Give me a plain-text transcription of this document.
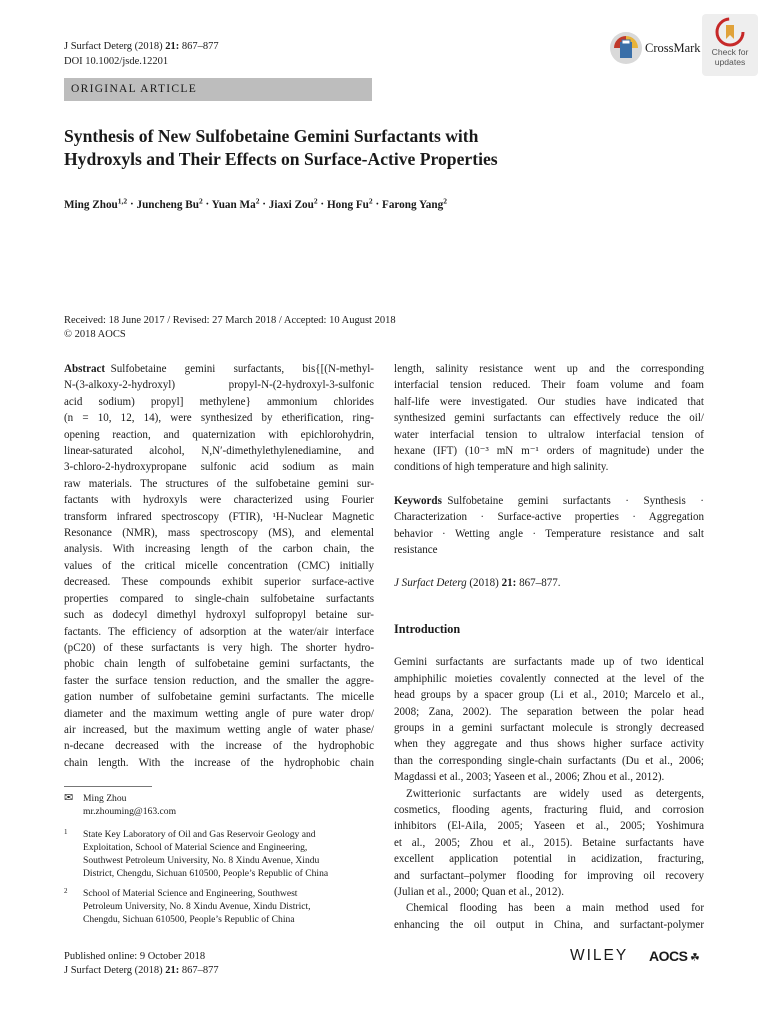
J Surfact Deterg (2018) 21: 867–877
DOI 10.1002/jsde.12201
CrossMark	Check for
updates
ORIGINAL ARTICLE
Synthesis of New Sulfobetaine Gemini Surfactants with
Hydroxyls and Their Effects on Surface-Active Properties
Ming Zhou$^{1,2}$ · Juncheng $Bu^2$ · Yuan $Ma^2$ · Jiaxi Zou$^2$ · Hong $Fu^2$ · Farong Yang$^2$
Received: 18 June 2017 / Revised: 27 March 2018 / Accepted: 10 August 2018
© 2018 AOCS
Abstract Sulfobetaine gemini surfactants, bis{[(N-methyl-
N-(3-alkoxy-2-hydroxyl) propyl-N-(2-hydroxyl-3-sulfonic
acid sodium) propyl] methylene} ammonium chlorides
(n = 10, 12, 14), were synthesized by etherification, ring-
opening reaction, and quaternization with epichlorohydrin,
linear-saturated alcohol, N,N′-dimethylethylenediamine, and
3-chloro-2-hydroxypropane sulfonic acid sodium as main
raw materials. The structures of the sulfobetaine gemini sur-
factants with hydroxyls were characterized using Fourier
transform infrared spectroscopy (FTIR), ¹H-Nuclear Magnetic
Resonance (NMR), mass spectroscopy (MS), and elemental
analysis. With increasing length of the carbon chain, the
values of the critical micelle concentration (CMC) initially
decreased. These compounds exhibit superior surface-active
properties compared to single-chain sulfobetaine surfactants
such as dodecyl dimethyl hydroxyl sulfopropyl betaine sur-
factants. The efficiency of adsorption at the water/air interface
(pC20) of these surfactants is very high. The shorter hydro-
phobic chain length of sulfobetaine gemini surfactants, the
faster the surface tension reduction, and the smaller the aggre-
gation number of sulfobetaine gemini surfactants. The micelle
diameter and the maximum wetting angle of pure water drop/
air increased, but the maximum wetting angle of water phase/
n-decane decreased with the increase of the hydrophobic
chain length. With the increase of the hydrophobic chain
length, salinity resistance went up and the corresponding
interfacial tension reduced. Their foam volume and foam
half-life were investigated. Our studies have indicated that
synthesized gemini surfactants can effectively reduce the oil/
water interfacial tension to ultralow interfacial tension of
hexane (IFT) (10⁻³ mN m⁻¹ orders of magnitude) under the
conditions of high temperature and high salinity.
Keywords Sulfobetaine gemini surfactants · Synthesis ·
Characterization · Surface-active properties · Aggregation
behavior · Wetting angle · Temperature resistance and salt
resistance
J Surfact Deterg (2018) 21: 867–877.
Introduction
Gemini surfactants are surfactants made up of two identical
amphiphilic moieties covalently connected at the level of the
head groups by a spacer group (Li et al., 2010; Marcelo et al.,
2008; Zana, 2002). The separation between the polar head
groups in a gemini surfactant molecule is strongly decreased
when they aggregate and thus shows higher surface activity
than the corresponding single-chain surfactants (Du et al., 2006;
Magdassi et al., 2003; Yaseen et al., 2006; Zhou et al., 2012).
Zwitterionic surfactants are widely used as detergents,
cosmetics, flooding agents, fracturing fluid, and corrosion
inhibitors (El-Aila, 2005; Yaseen et al., 2005; Yoshimura
et al., 2005; Zhou et al., 2015). Betaine surfactants have
excellent application potential in acidization, fracturing,
and surfactant–polymer flooding for improving oil recovery
(Julian et al., 2000; Quan et al., 2012).
Chemical flooding has been a main method used for
enhancing the oil output in China, and surfactant-polymer
✉ Ming Zhou
mr.zhouming@163.com
1 State Key Laboratory of Oil and Gas Reservoir Geology and
Exploitation, School of Material Science and Engineering,
Southwest Petroleum University, No. 8 Xindu Avenue, Xindu
District, Chengdu, Sichuan 610500, People’s Republic of China
2 School of Material Science and Engineering, Southwest
Petroleum University, No. 8 Xindu Avenue, Xindu District,
Chengdu, Sichuan 610500, People’s Republic of China
Published online: 9 October 2018
J Surfact Deterg (2018) 21: 867–877
WILEY AOCS ☘
